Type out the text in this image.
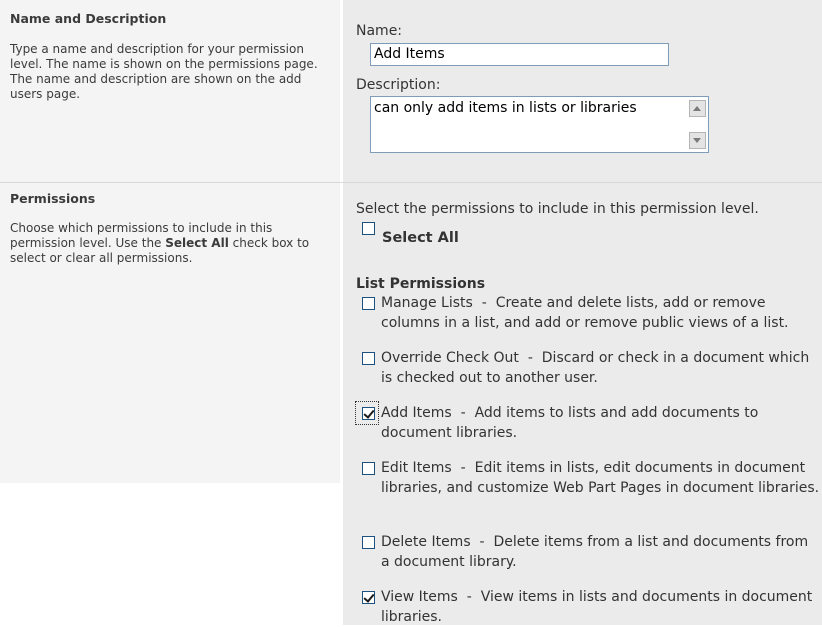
Name and Description
Type a name and description for your permission level. The name is shown on the permissions page. The name and description are shown on the add users page.
Name:
Add Items
Description:
can only add items in lists or libraries
Permissions
Choose which permissions to include in this permission level. Use the Select All check box to select or clear all permissions.
Select the permissions to include in this permission level.
Select All
List Permissions
Manage Lists  -  Create and delete lists, add or remove columns in a list, and add or remove public views of a list.
Override Check Out  -  Discard or check in a document which is checked out to another user.
Add Items  -  Add items to lists and add documents to document libraries.
Edit Items  -  Edit items in lists, edit documents in document libraries, and customize Web Part Pages in document libraries.
Delete Items  -  Delete items from a list and documents from a document library.
View Items  -  View items in lists and documents in document libraries.
